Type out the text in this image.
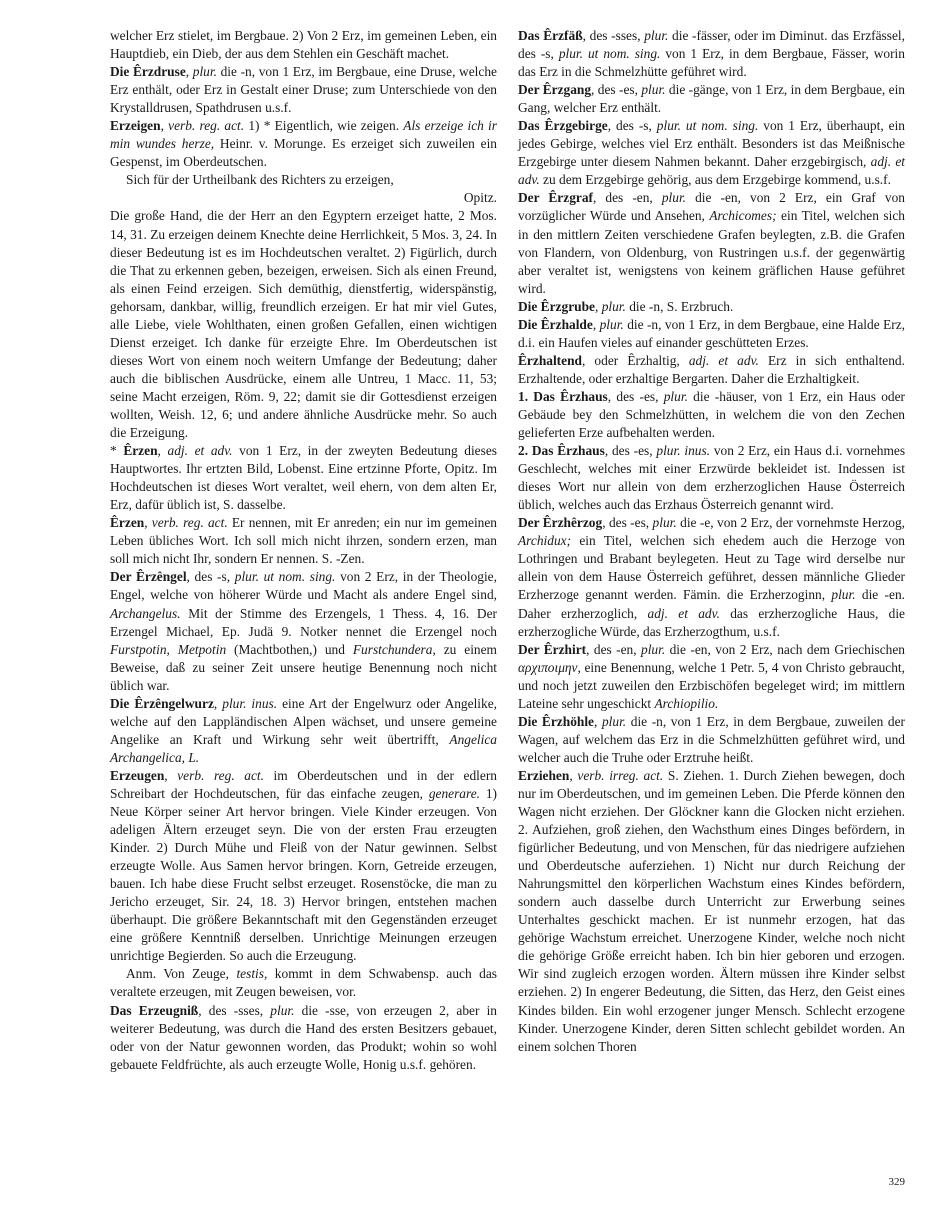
welcher Erz stielet, im Bergbaue. 2) Von 2 Erz, im gemeinen Leben, ein Hauptdieb, ein Dieb, der aus dem Stehlen ein Geschäft machet.

Die Êrzdruse, plur. die -n, von 1 Erz, im Bergbaue, eine Druse, welche Erz enthält, oder Erz in Gestalt einer Druse; zum Unterschiede von den Krystalldrusen, Spathdrusen u.s.f.

Erzeigen, verb. reg. act. 1) * Eigentlich, wie zeigen. Als erzeige ich ir min wundes herze, Heinr. v. Morunge. Es erzeiget sich zuweilen ein Gespenst, im Oberdeutschen.

Sich für der Urtheilbank des Richters zu erzeigen,

Opitz.

Die große Hand, die der Herr an den Egyptern erzeiget hatte, 2 Mos. 14, 31. Zu erzeigen deinem Knechte deine Herrlichkeit, 5 Mos. 3, 24. In dieser Bedeutung ist es im Hochdeutschen veraltet. 2) Figürlich, durch die That zu erkennen geben, bezeigen, erweisen. Sich als einen Freund, als einen Feind erzeigen. Sich demüthig, dienstfertig, widerspänstig, gehorsam, dankbar, willig, freundlich erzeigen. Er hat mir viel Gutes, alle Liebe, viele Wohlthaten, einen großen Gefallen, einen wichtigen Dienst erzeiget. Ich danke für erzeigte Ehre. Im Oberdeutschen ist dieses Wort von einem noch weitern Umfange der Bedeutung; daher auch die biblischen Ausdrücke, einem alle Untreu, 1 Macc. 11, 53; seine Macht erzeigen, Röm. 9, 22; damit sie dir Gottesdienst erzeigen wollten, Weish. 12, 6; und andere ähnliche Ausdrücke mehr. So auch die Erzeigung.

* Êrzen, adj. et adv. von 1 Erz, in der zweyten Bedeutung dieses Hauptwortes. Ihr ertzten Bild, Lobenst. Eine ertzinne Pforte, Opitz. Im Hochdeutschen ist dieses Wort veraltet, weil ehern, von dem alten Er, Erz, dafür üblich ist, S. dasselbe.

Êrzen, verb. reg. act. Er nennen, mit Er anreden; ein nur im gemeinen Leben übliches Wort. Ich soll mich nicht ihrzen, sondern erzen, man soll mich nicht Ihr, sondern Er nennen. S. -Zen.

Der Êrzêngel, des -s, plur. ut nom. sing. von 2 Erz, in der Theologie, Engel, welche von höherer Würde und Macht als andere Engel sind, Archangelus. Mit der Stimme des Erzengels, 1 Thess. 4, 16. Der Erzengel Michael, Ep. Judä 9. Notker nennet die Erzengel noch Furstpotin, Metpotin (Machtbothen,) und Furstchundera, zu einem Beweise, daß zu seiner Zeit unsere heutige Benennung noch nicht üblich war.

Die Êrzêngelwurz, plur. inus. eine Art der Engelwurz oder Angelike, welche auf den Lappländischen Alpen wächset, und unsere gemeine Angelike an Kraft und Wirkung sehr weit übertrifft, Angelica Archangelica, L.

Erzeugen, verb. reg. act. im Oberdeutschen und in der edlern Schreibart der Hochdeutschen, für das einfache zeugen, generare. 1) Neue Körper seiner Art hervor bringen. Viele Kinder erzeugen. Von adeligen Ältern erzeuget seyn. Die von der ersten Frau erzeugten Kinder. 2) Durch Mühe und Fleiß von der Natur gewinnen. Selbst erzeugte Wolle. Aus Samen hervor bringen. Korn, Getreide erzeugen, bauen. Ich habe diese Frucht selbst erzeuget. Rosenstöcke, die man zu Jericho erzeuget, Sir. 24, 18. 3) Hervor bringen, entstehen machen überhaupt. Die größere Bekanntschaft mit den Gegenständen erzeuget eine größere Kenntniß derselben. Unrichtige Meinungen erzeugen unrichtige Begierden. So auch die Erzeugung.

Anm. Von Zeuge, testis, kommt in dem Schwabensp. auch das veraltete erzeugen, mit Zeugen beweisen, vor.

Das Erzeugniß, des -sses, plur. die -sse, von erzeugen 2, aber in weiterer Bedeutung, was durch die Hand des ersten Besitzers gebauet, oder von der Natur gewonnen worden, das Produkt; wohin so wohl gebauete Feldfrüchte, als auch erzeugte Wolle, Honig u.s.f. gehören.

Das Êrzfäß, des -sses, plur. die -fässer, oder im Diminut. das Erzfässel, des -s, plur. ut nom. sing. von 1 Erz, in dem Bergbaue, Fässer, worin das Erz in die Schmelzhütte geführet wird.

Der Êrzgang, des -es, plur. die -gänge, von 1 Erz, in dem Bergbaue, ein Gang, welcher Erz enthält.

Das Êrzgebirge, des -s, plur. ut nom. sing. von 1 Erz, überhaupt, ein jedes Gebirge, welches viel Erz enthält. Besonders ist das Meißnische Erzgebirge unter diesem Nahmen bekannt. Daher erzgebirgisch, adj. et adv. zu dem Erzgebirge gehörig, aus dem Erzgebirge kommend, u.s.f.

Der Êrzgraf, des -en, plur. die -en, von 2 Erz, ein Graf von vorzüglicher Würde und Ansehen, Archicomes; ein Titel, welchen sich in den mittlern Zeiten verschiedene Grafen beylegten, z.B. die Grafen von Flandern, von Oldenburg, von Rustringen u.s.f. der gegenwärtig aber veraltet ist, wenigstens von keinem gräflichen Hause geführet wird.

Die Êrzgrube, plur. die -n, S. Erzbruch.

Die Êrzhalde, plur. die -n, von 1 Erz, in dem Bergbaue, eine Halde Erz, d.i. ein Haufen vieles auf einander geschütteten Erzes.

Êrzhaltend, oder Êrzhaltig, adj. et adv. Erz in sich enthaltend. Erzhaltende, oder erzhaltige Bergarten. Daher die Erzhaltigkeit.

1. Das Êrzhaus, des -es, plur. die -häuser, von 1 Erz, ein Haus oder Gebäude bey den Schmelzhütten, in welchem die von den Zechen gelieferten Erze aufbehalten werden.

2. Das Êrzhaus, des -es, plur. inus. von 2 Erz, ein Haus d.i. vornehmes Geschlecht, welches mit einer Erzwürde bekleidet ist. Indessen ist dieses Wort nur allein von dem erzherzoglichen Hause Österreich üblich, welches auch das Erzhaus Österreich genannt wird.

Der Êrzhêrzog, des -es, plur. die -e, von 2 Erz, der vornehmste Herzog, Archidux; ein Titel, welchen sich ehedem auch die Herzoge von Lothringen und Brabant beylegeten. Heut zu Tage wird derselbe nur allein von dem Hause Österreich geführet, dessen männliche Glieder Erzherzoge genannt werden. Fämin. die Erzherzoginn, plur. die -en. Daher erzherzoglich, adj. et adv. das erzherzogliche Haus, die erzherzogliche Würde, das Erzherzogthum, u.s.f.

Der Êrzhirt, des -en, plur. die -en, von 2 Erz, nach dem Griechischen αρχιποιμην, eine Benennung, welche 1 Petr. 5, 4 von Christo gebraucht, und noch jetzt zuweilen den Erzbischöfen begeleget wird; im mittlern Lateine sehr ungeschickt Archiopilio.

Die Êrzhöhle, plur. die -n, von 1 Erz, in dem Bergbaue, zuweilen der Wagen, auf welchem das Erz in die Schmelzhütten geführet wird, und welcher auch die Truhe oder Erztruhe heißt.

Erziehen, verb. irreg. act. S. Ziehen. 1. Durch Ziehen bewegen, doch nur im Oberdeutschen, und im gemeinen Leben. Die Pferde können den Wagen nicht erziehen. Der Glöckner kann die Glocken nicht erziehen. 2. Aufziehen, groß ziehen, den Wachsthum eines Dinges befördern, in figürlicher Bedeutung, und von Menschen, für das niedrigere aufziehen und Oberdeutsche auferziehen. 1) Nicht nur durch Reichung der Nahrungsmittel den körperlichen Wachstum eines Kindes befördern, sondern auch dasselbe durch Unterricht zur Erwerbung seines Unterhaltes geschickt machen. Er ist nunmehr erzogen, hat das gehörige Wachstum erreichet. Unerzogene Kinder, welche noch nicht die gehörige Größe erreicht haben. Ich bin hier geboren und erzogen. Wir sind zugleich erzogen worden. Ältern müssen ihre Kinder selbst erziehen. 2) In engerer Bedeutung, die Sitten, das Herz, den Geist eines Kindes bilden. Ein wohl erzogener junger Mensch. Schlecht erzogene Kinder. Unerzogene Kinder, deren Sitten schlecht gebildet worden. An einem solchen Thoren

329
